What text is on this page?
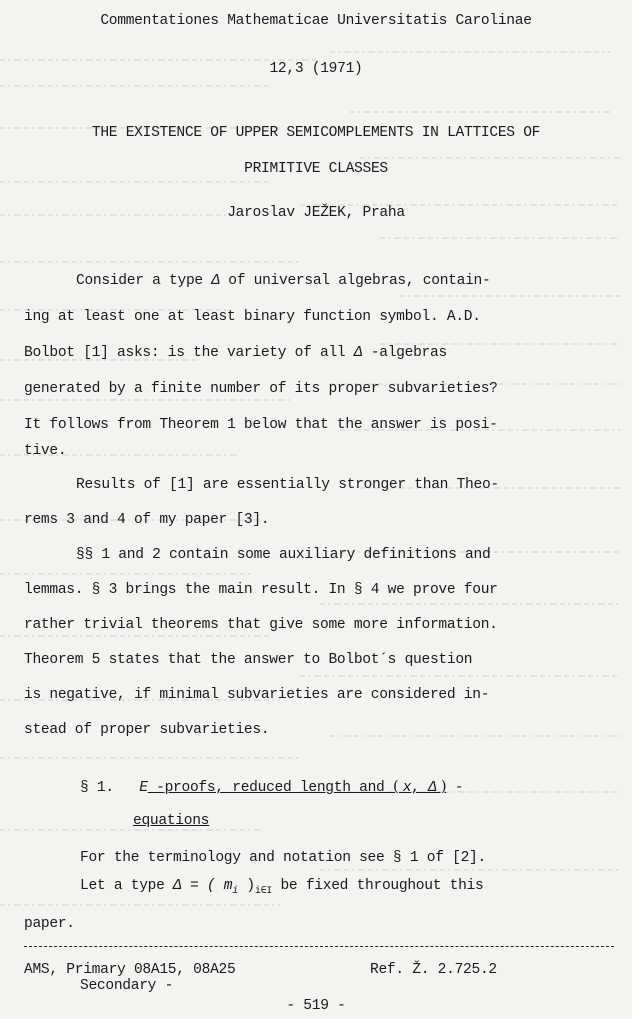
Commentationes Mathematicae Universitatis Carolinae
12,3 (1971)
THE EXISTENCE OF UPPER SEMICOMPLEMENTS IN LATTICES OF
PRIMITIVE CLASSES
Jaroslav JEŽEK, Praha
Consider a type Δ of universal algebras, contain-
ing at least one at least binary function symbol. A.D.
Bolbot [1] asks: is the variety of all Δ -algebras
generated by a finite number of its proper subvarieties?
It follows from Theorem 1 below that the answer is posi-
tive.
Results of [1] are essentially stronger than Theo-
rems 3 and 4 of my paper [3].
§§ 1 and 2 contain some auxiliary definitions and
lemmas. § 3 brings the main result. In § 4 we prove four
rather trivial theorems that give some more information.
Theorem 5 states that the answer to Bolbot´s question
is negative, if minimal subvarieties are considered in-
stead of proper subvarieties.
§ 1. E -proofs, reduced length and ( x, Δ ) -
equations
For the terminology and notation see § 1 of [2].
Let a type Δ = ( $m_i$ )$_{i\in I}$ be fixed throughout this
paper.
AMS, Primary 08A15, 08A25
Secondary -
Ref. Ž. 2.725.2
- 519 -
